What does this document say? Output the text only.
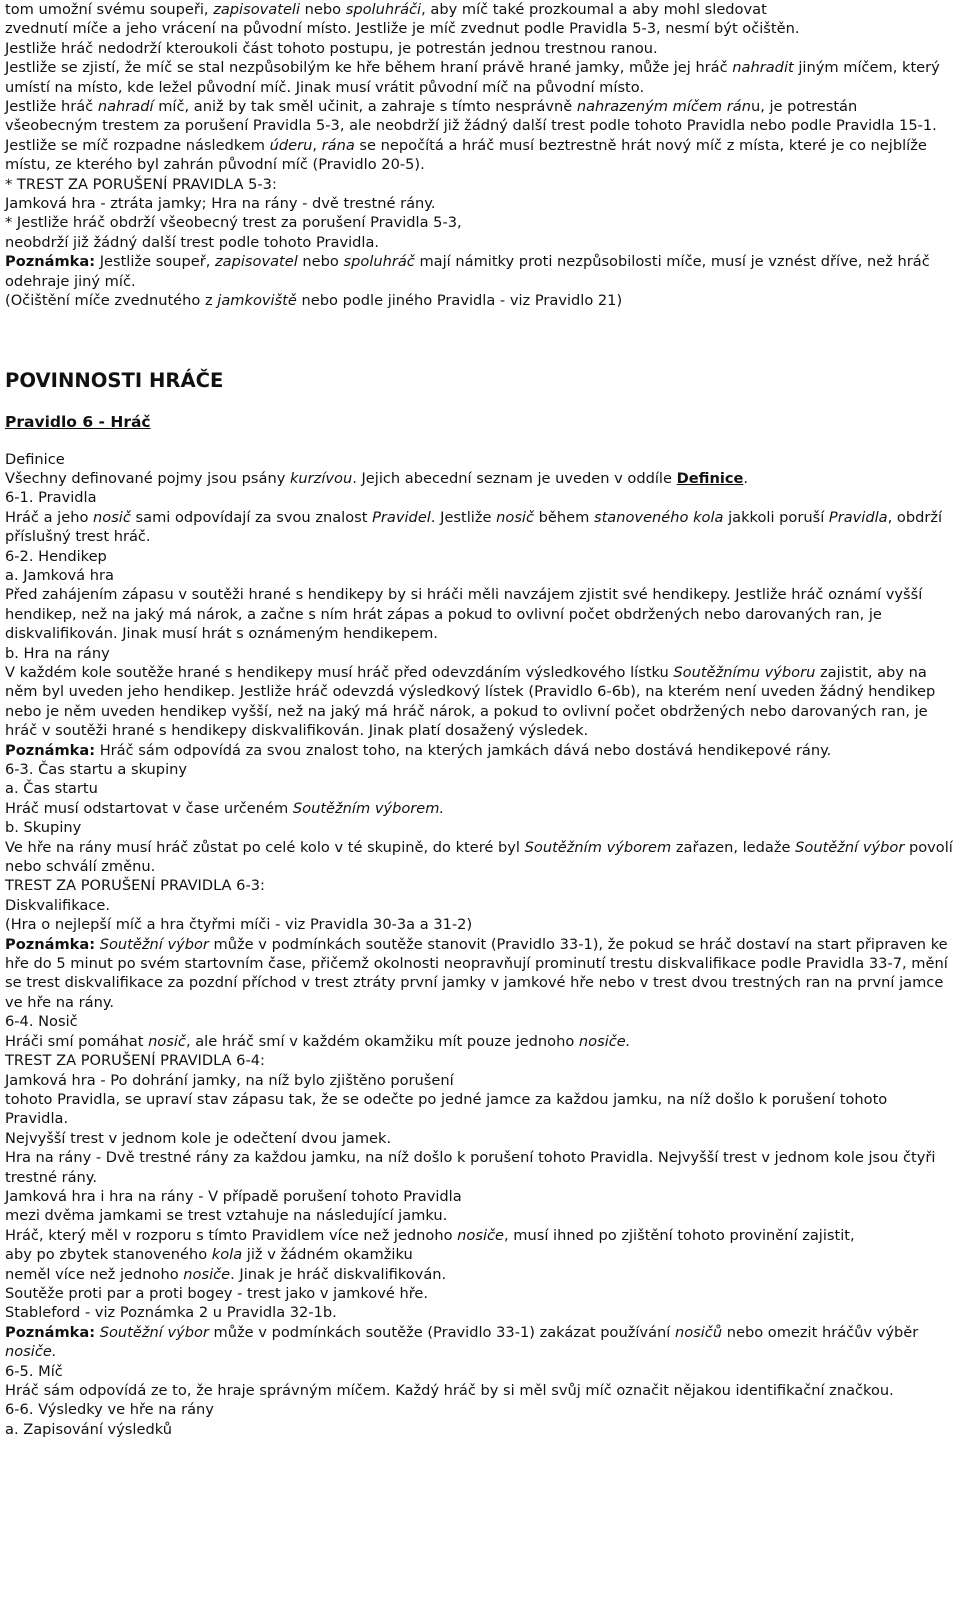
tom umožní svému soupeři, zapisovateli nebo spoluhráči, aby míč také prozkoumal a aby mohl sledovat
zvednutí míče a jeho vrácení na původní místo. Jestliže je míč zvednut podle Pravidla 5-3, nesmí být očištěn.
Jestliže hráč nedodrží kteroukoli část tohoto postupu, je potrestán jednou trestnou ranou.
Jestliže se zjistí, že míč se stal nezpůsobilým ke hře během hraní právě hrané jamky, může jej hráč nahradit jiným míčem, který umístí na místo, kde ležel původní míč. Jinak musí vrátit původní míč na původní místo.
Jestliže hráč nahradí míč, aniž by tak směl učinit, a zahraje s tímto nesprávně nahrazeným míčem ránu, je potrestán všeobecným trestem za porušení Pravidla 5-3, ale neobdrží již žádný další trest podle tohoto Pravidla nebo podle Pravidla 15-1.
Jestliže se míč rozpadne následkem úderu, rána se nepočítá a hráč musí beztrestně hrát nový míč z místa, které je co nejblíže místu, ze kterého byl zahrán původní míč (Pravidlo 20-5).
* TREST ZA PORUŠENÍ PRAVIDLA 5-3:
Jamková hra - ztráta jamky; Hra na rány - dvě trestné rány.
* Jestliže hráč obdrží všeobecný trest za porušení Pravidla 5-3,
neobdrží již žádný další trest podle tohoto Pravidla.
Poznámka: Jestliže soupeř, zapisovatel nebo spoluhráč mají námitky proti nezpůsobilosti míče, musí je vznést dříve, než hráč odehraje jiný míč.
(Očištění míče zvednutého z jamkoviště nebo podle jiného Pravidla - viz Pravidlo 21)
POVINNOSTI HRÁČE
Pravidlo 6 - Hráč
Definice
Všechny definované pojmy jsou psány kurzívou. Jejich abecední seznam je uveden v oddíle Definice.
6-1. Pravidla
Hráč a jeho nosič sami odpovídají za svou znalost Pravidel. Jestliže nosič během stanoveného kola jakkoli poruší Pravidla, obdrží příslušný trest hráč.
6-2. Hendikep
a. Jamková hra
Před zahájením zápasu v soutěži hrané s hendikepy by si hráči měli navzájem zjistit své hendikepy. Jestliže hráč oznámí vyšší hendikep, než na jaký má nárok, a začne s ním hrát zápas a pokud to ovlivní počet obdržených nebo darovaných ran, je diskvalifikován. Jinak musí hrát s oznámeným hendikepem.
b. Hra na rány
V každém kole soutěže hrané s hendikepy musí hráč před odevzdáním výsledkového lístku Soutěžnímu výboru zajistit, aby na něm byl uveden jeho hendikep. Jestliže hráč odevzdá výsledkový lístek (Pravidlo 6-6b), na kterém není uveden žádný hendikep nebo je něm uveden hendikep vyšší, než na jaký má hráč nárok, a pokud to ovlivní počet obdržených nebo darovaných ran, je hráč v soutěži hrané s hendikepy diskvalifikován. Jinak platí dosažený výsledek.
Poznámka: Hráč sám odpovídá za svou znalost toho, na kterých jamkách dává nebo dostává hendikepové rány.
6-3. Čas startu a skupiny
a. Čas startu
Hráč musí odstartovat v čase určeném Soutěžním výborem.
b. Skupiny
Ve hře na rány musí hráč zůstat po celé kolo v té skupině, do které byl Soutěžním výborem zařazen, ledaže Soutěžní výbor povolí nebo schválí změnu.
TREST ZA PORUŠENÍ PRAVIDLA 6-3:
Diskvalifikace.
(Hra o nejlepší míč a hra čtyřmi míči - viz Pravidla 30-3a a 31-2)
Poznámka: Soutěžní výbor může v podmínkách soutěže stanovit (Pravidlo 33-1), že pokud se hráč dostaví na start připraven ke hře do 5 minut po svém startovním čase, přičemž okolnosti neopravňují prominutí trestu diskvalifikace podle Pravidla 33-7, mění se trest diskvalifikace za pozdní příchod v trest ztráty první jamky v jamkové hře nebo v trest dvou trestných ran na první jamce ve hře na rány.
6-4. Nosič
Hráči smí pomáhat nosič, ale hráč smí v každém okamžiku mít pouze jednoho nosiče.
TREST ZA PORUŠENÍ PRAVIDLA 6-4:
Jamková hra - Po dohrání jamky, na níž bylo zjištěno porušení
tohoto Pravidla, se upraví stav zápasu tak, že se odečte po jedné jamce za každou jamku, na níž došlo k porušení tohoto Pravidla.
Nejvyšší trest v jednom kole je odečtení dvou jamek.
Hra na rány - Dvě trestné rány za každou jamku, na níž došlo k porušení tohoto Pravidla. Nejvyšší trest v jednom kole jsou čtyři trestné rány.
Jamková hra i hra na rány - V případě porušení tohoto Pravidla
mezi dvěma jamkami se trest vztahuje na následující jamku.
Hráč, který měl v rozporu s tímto Pravidlem více než jednoho nosiče, musí ihned po zjištění tohoto provinění zajistit,
aby po zbytek stanoveného kola již v žádném okamžiku
neměl více než jednoho nosiče. Jinak je hráč diskvalifikován.
Soutěže proti par a proti bogey - trest jako v jamkové hře.
Stableford - viz Poznámka 2 u Pravidla 32-1b.
Poznámka: Soutěžní výbor může v podmínkách soutěže (Pravidlo 33-1) zakázat používání nosičů nebo omezit hráčův výběr nosiče.
6-5. Míč
Hráč sám odpovídá ze to, že hraje správným míčem. Každý hráč by si měl svůj míč označit nějakou identifikační značkou.
6-6. Výsledky ve hře na rány
a. Zapisování výsledků
